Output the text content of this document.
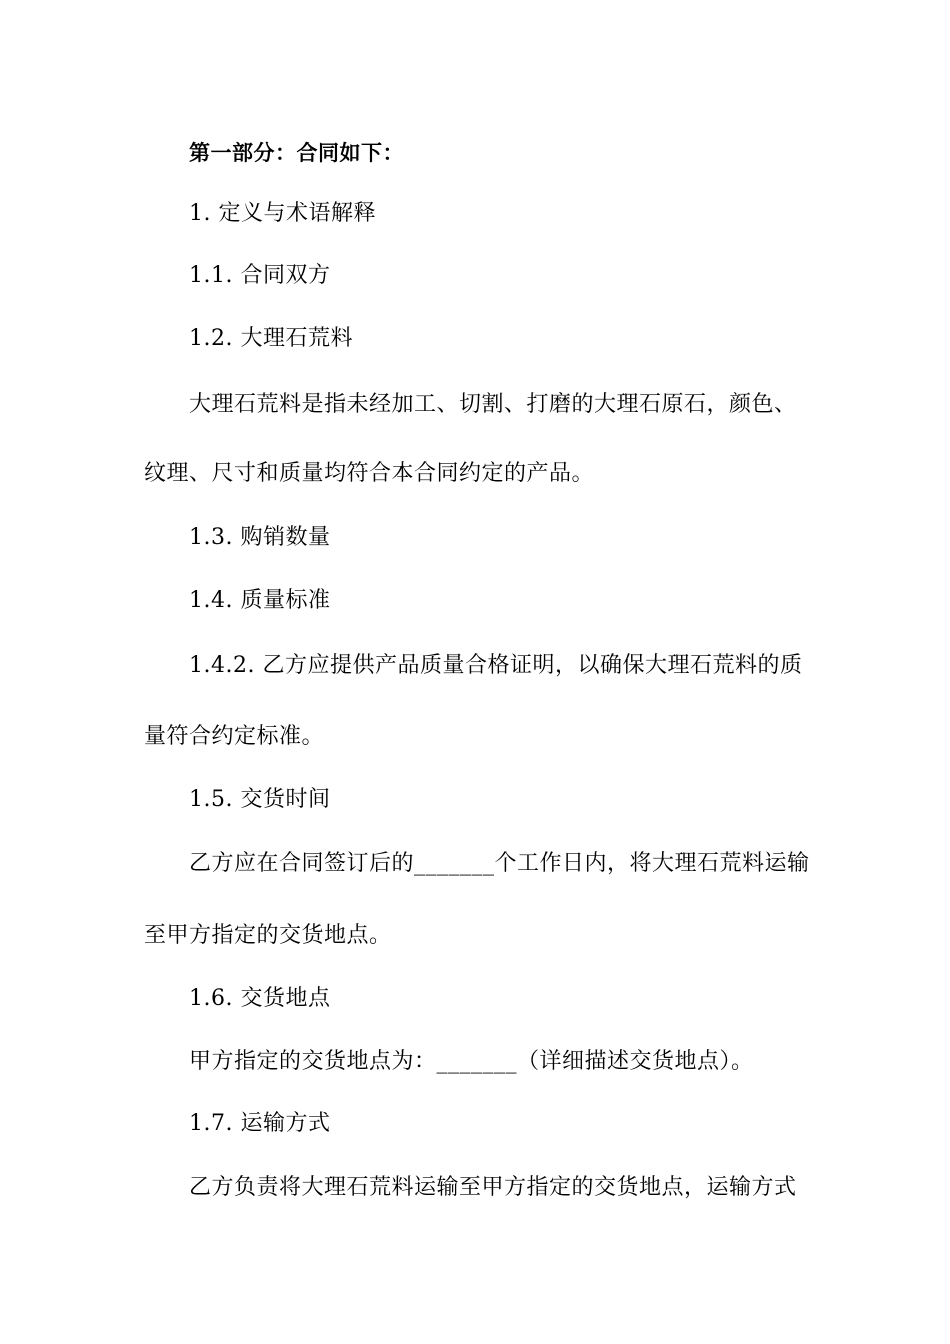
第一部分：合同如下：
1. 定义与术语解释
1.1. 合同双方
1.2. 大理石荒料
大理石荒料是指未经加工、切割、打磨的大理石原石，颜色、
纹理、尺寸和质量均符合本合同约定的产品。
1.3. 购销数量
1.4. 质量标准
1.4.2. 乙方应提供产品质量合格证明，以确保大理石荒料的质
量符合约定标准。
1.5. 交货时间
乙方应在合同签订后的_______个工作日内，将大理石荒料运输
至甲方指定的交货地点。
1.6. 交货地点
甲方指定的交货地点为：_______（详细描述交货地点）。
1.7. 运输方式
乙方负责将大理石荒料运输至甲方指定的交货地点，运输方式
